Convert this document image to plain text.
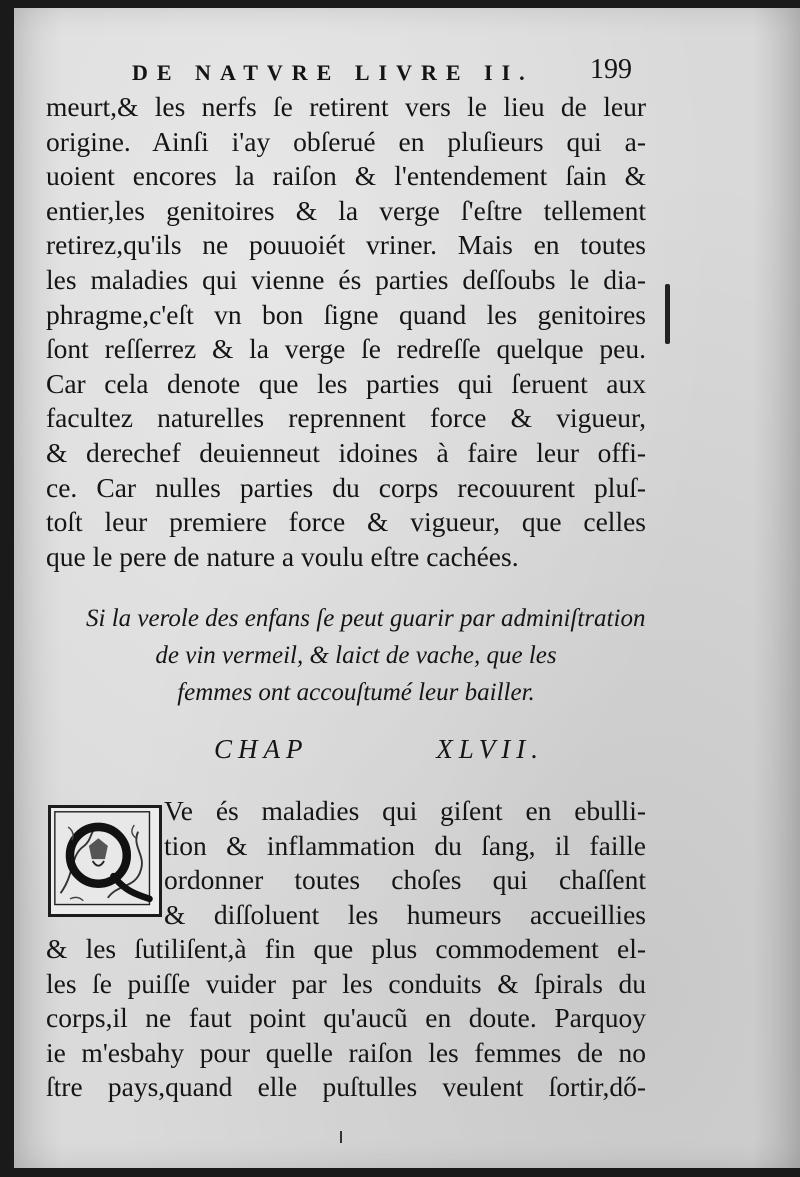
DE NATVRE LIVRE II. 199
meurt,& les nerfs ſe retirent vers le lieu de leur
origine. Ainſi i'ay obſerué en pluſieurs qui a-
uoient encores la raiſon & l'entendement ſain &
entier,les genitoires & la verge ſ'eſtre tellement
retirez,qu'ils ne pouuoiét vriner. Mais en toutes
les maladies qui vienne és parties deſſoubs le dia-
phragme,c'eſt vn bon ſigne quand les genitoires
ſont reſſerrez & la verge ſe redreſſe quelque peu.
Car cela denote que les parties qui ſeruent aux
facultez naturelles reprennent force & vigueur,
& derechef deuienneut idoines à faire leur offi-
ce. Car nulles parties du corps recouurent pluſ-
toſt leur premiere force & vigueur, que celles
que le pere de nature a voulu eſtre cachées.
Si la verole des enfans ſe peut guarir par adminiſtration
de vin vermeil, & laict de vache, que les
femmes ont accouſtumé leur bailler.
CHAP	XLVII.
Ve és maladies qui giſent en ebulli-
tion & inflammation du ſang, il faille
ordonner toutes choſes qui chaſſent
& diſſoluent les humeurs accueillies
& les ſutiliſent,à fin que plus commodement el-
les ſe puiſſe vuider par les conduits & ſpirals du
corps,il ne faut point qu'aucũ en doute. Parquoy
ie m'esbahy pour quelle raiſon les femmes de no
ſtre pays,quand elle puſtulles veulent ſortir,dő-
